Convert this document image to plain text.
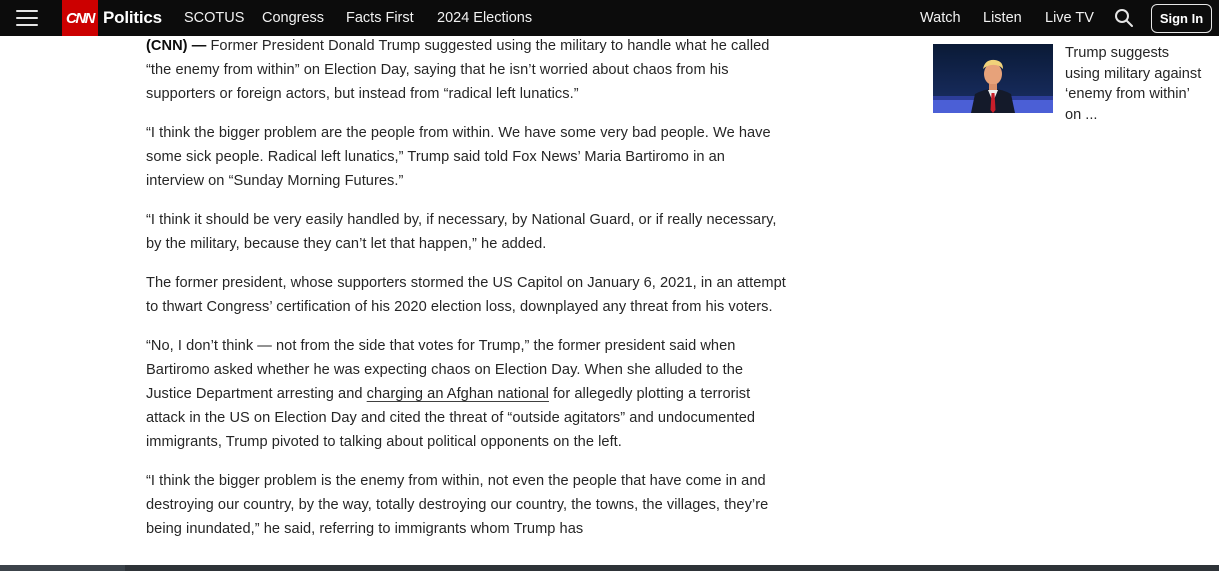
CNN Politics SCOTUS Congress Facts First 2024 Elections	Watch Listen Live TV	Sign In

(CNN) — Former President Donald Trump suggested using the military to handle what he called “the enemy from within” on Election Day, saying that he isn’t worried about chaos from his supporters or foreign actors, but instead from “radical left lunatics.”

“I think the bigger problem are the people from within. We have some very bad people. We have some sick people. Radical left lunatics,” Trump said told Fox News’ Maria Bartiromo in an interview on “Sunday Morning Futures.”

“I think it should be very easily handled by, if necessary, by National Guard, or if really necessary, by the military, because they can’t let that happen,” he added.

The former president, whose supporters stormed the US Capitol on January 6, 2021, in an attempt to thwart Congress’ certification of his 2020 election loss, downplayed any threat from his voters.

“No, I don’t think — not from the side that votes for Trump,” the former president said when Bartiromo asked whether he was expecting chaos on Election Day. When she alluded to the Justice Department arresting and charging an Afghan national for allegedly plotting a terrorist attack in the US on Election Day and cited the threat of “outside agitators” and undocumented immigrants, Trump pivoted to talking about political opponents on the left.

“I think the bigger problem is the enemy from within, not even the people that have come in and destroying our country, by the way, totally destroying our country, the towns, the villages, they’re being inundated,” he said, referring to immigrants whom Trump has

Trump suggests using military against ‘enemy from within’ on ...
